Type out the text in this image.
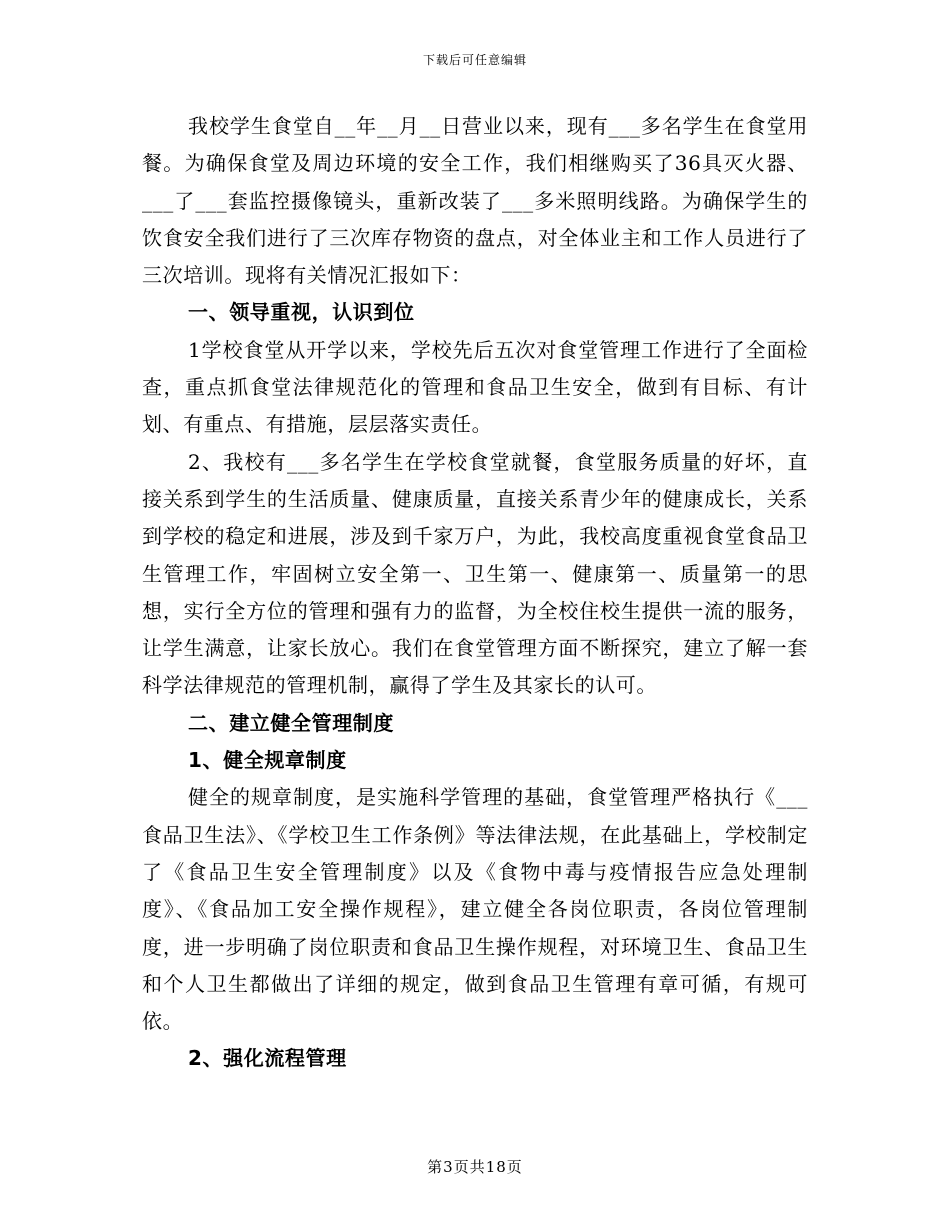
下载后可任意编辑

我校学生食堂自__年__月__日营业以来，现有___多名学生在食堂用餐。为确保食堂及周边环境的安全工作，我们相继购买了36具灭火器、___了___套监控摄像镜头，重新改装了___多米照明线路。为确保学生的饮食安全我们进行了三次库存物资的盘点，对全体业主和工作人员进行了三次培训。现将有关情况汇报如下：

一、领导重视，认识到位

1学校食堂从开学以来，学校先后五次对食堂管理工作进行了全面检查，重点抓食堂法律规范化的管理和食品卫生安全，做到有目标、有计划、有重点、有措施，层层落实责任。

2、我校有___多名学生在学校食堂就餐，食堂服务质量的好坏，直接关系到学生的生活质量、健康质量，直接关系青少年的健康成长，关系到学校的稳定和进展，涉及到千家万户，为此，我校高度重视食堂食品卫生管理工作，牢固树立安全第一、卫生第一、健康第一、质量第一的思想，实行全方位的管理和强有力的监督，为全校住校生提供一流的服务，让学生满意，让家长放心。我们在食堂管理方面不断探究，建立了解一套科学法律规范的管理机制，赢得了学生及其家长的认可。

二、建立健全管理制度

1、健全规章制度

健全的规章制度，是实施科学管理的基础，食堂管理严格执行《___食品卫生法》、《学校卫生工作条例》等法律法规，在此基础上，学校制定了《食品卫生安全管理制度》以及《食物中毒与疫情报告应急处理制度》、《食品加工安全操作规程》，建立健全各岗位职责，各岗位管理制度，进一步明确了岗位职责和食品卫生操作规程，对环境卫生、食品卫生和个人卫生都做出了详细的规定，做到食品卫生管理有章可循，有规可依。

2、强化流程管理

第3页共18页
